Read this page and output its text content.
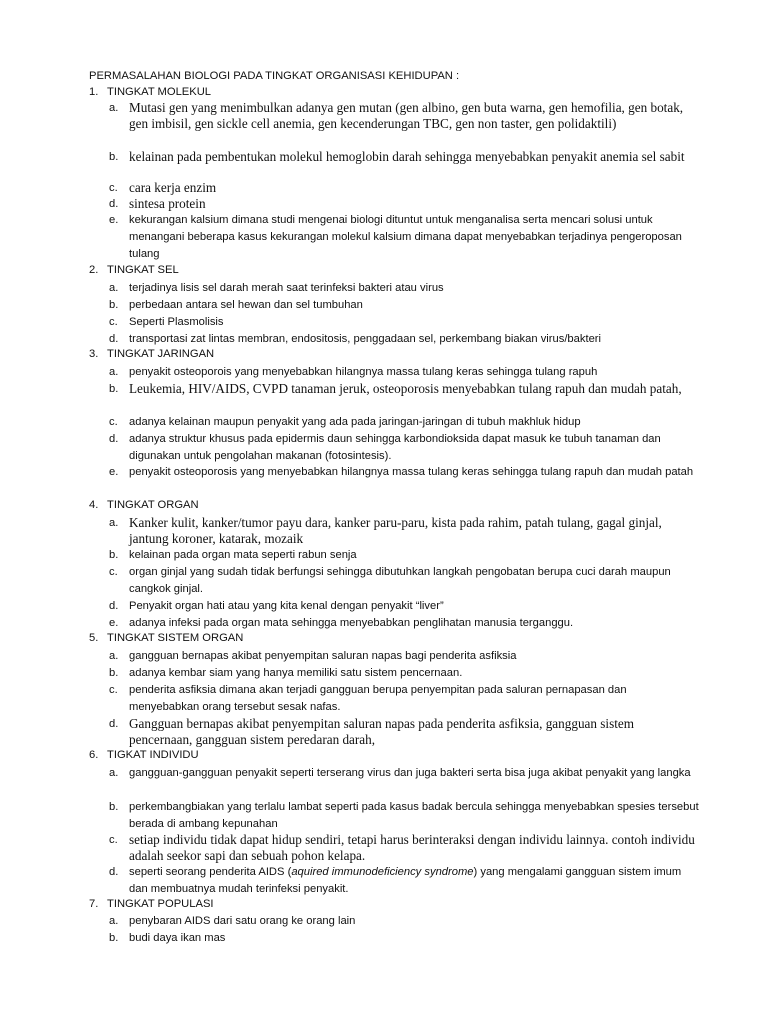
PERMASALAHAN BIOLOGI PADA TINGKAT ORGANISASI KEHIDUPAN :
1. TINGKAT MOLEKUL
a. Mutasi gen yang menimbulkan adanya gen mutan (gen albino, gen buta warna, gen hemofilia, gen botak, gen imbisil, gen sickle cell anemia, gen kecenderungan TBC, gen non taster, gen polidaktili)
b. kelainan pada pembentukan molekul hemoglobin darah sehingga menyebabkan penyakit anemia sel sabit
c. cara kerja enzim
d. sintesa protein
e. kekurangan kalsium dimana studi mengenai biologi dituntut untuk menganalisa serta mencari solusi untuk menangani beberapa kasus kekurangan molekul kalsium dimana dapat menyebabkan terjadinya pengeroposan tulang
2. TINGKAT SEL
a. terjadinya lisis sel darah merah saat terinfeksi bakteri atau virus
b. perbedaan antara sel hewan dan sel tumbuhan
c.	Seperti Plasmolisis
d. transportasi zat lintas membran, endositosis, penggadaan sel, perkembang biakan virus/bakteri
3. TINGKAT JARINGAN
a. penyakit osteoporois yang menyebabkan hilangnya massa tulang keras sehingga tulang rapuh
b. Leukemia, HIV/AIDS, CVPD tanaman jeruk, osteoporosis menyebabkan tulang rapuh dan mudah patah,
c.	adanya kelainan maupun penyakit yang ada pada jaringan-jaringan di tubuh makhluk hidup
d. adanya struktur khusus pada epidermis daun sehingga karbondioksida dapat masuk ke tubuh tanaman dan digunakan untuk pengolahan makanan (fotosintesis).
e. penyakit osteoporosis yang menyebabkan hilangnya massa tulang keras sehingga tulang rapuh dan mudah patah
4. TINGKAT ORGAN
a. Kanker kulit, kanker/tumor payu dara, kanker paru-paru, kista pada rahim, patah tulang, gagal ginjal, jantung koroner, katarak, mozaik
b. kelainan pada organ mata seperti rabun senja
c.	organ ginjal yang sudah tidak berfungsi sehingga dibutuhkan langkah pengobatan berupa cuci darah maupun cangkok ginjal.
d. Penyakit organ hati atau yang kita kenal dengan penyakit “liver”
e. adanya infeksi pada organ mata sehingga menyebabkan penglihatan manusia terganggu.
5. TINGKAT SISTEM ORGAN
a. gangguan bernapas akibat penyempitan saluran napas bagi penderita asfiksia
b. adanya kembar siam yang hanya memiliki satu sistem pencernaan.
c.	penderita asfiksia dimana akan terjadi gangguan berupa penyempitan pada saluran pernapasan dan menyebabkan orang tersebut sesak nafas.
d. Gangguan bernapas akibat penyempitan saluran napas pada penderita asfiksia, gangguan sistem pencernaan, gangguan sistem peredaran darah,
6. TIGKAT INDIVIDU
a. gangguan-gangguan penyakit seperti terserang virus dan juga bakteri serta bisa juga akibat penyakit yang langka
b. perkembangbiakan yang terlalu lambat seperti pada kasus badak bercula sehingga menyebabkan spesies tersebut berada di ambang kepunahan
c. setiap individu tidak dapat hidup sendiri, tetapi harus berinteraksi dengan individu lainnya. contoh individu adalah seekor sapi dan sebuah pohon kelapa.
d. seperti seorang penderita AIDS (aquired immunodeficiency syndrome) yang mengalami gangguan sistem imum dan membuatnya mudah terinfeksi penyakit.
7. TINGKAT POPULASI
a. penybaran AIDS dari satu orang ke orang lain
b. budi daya ikan mas
